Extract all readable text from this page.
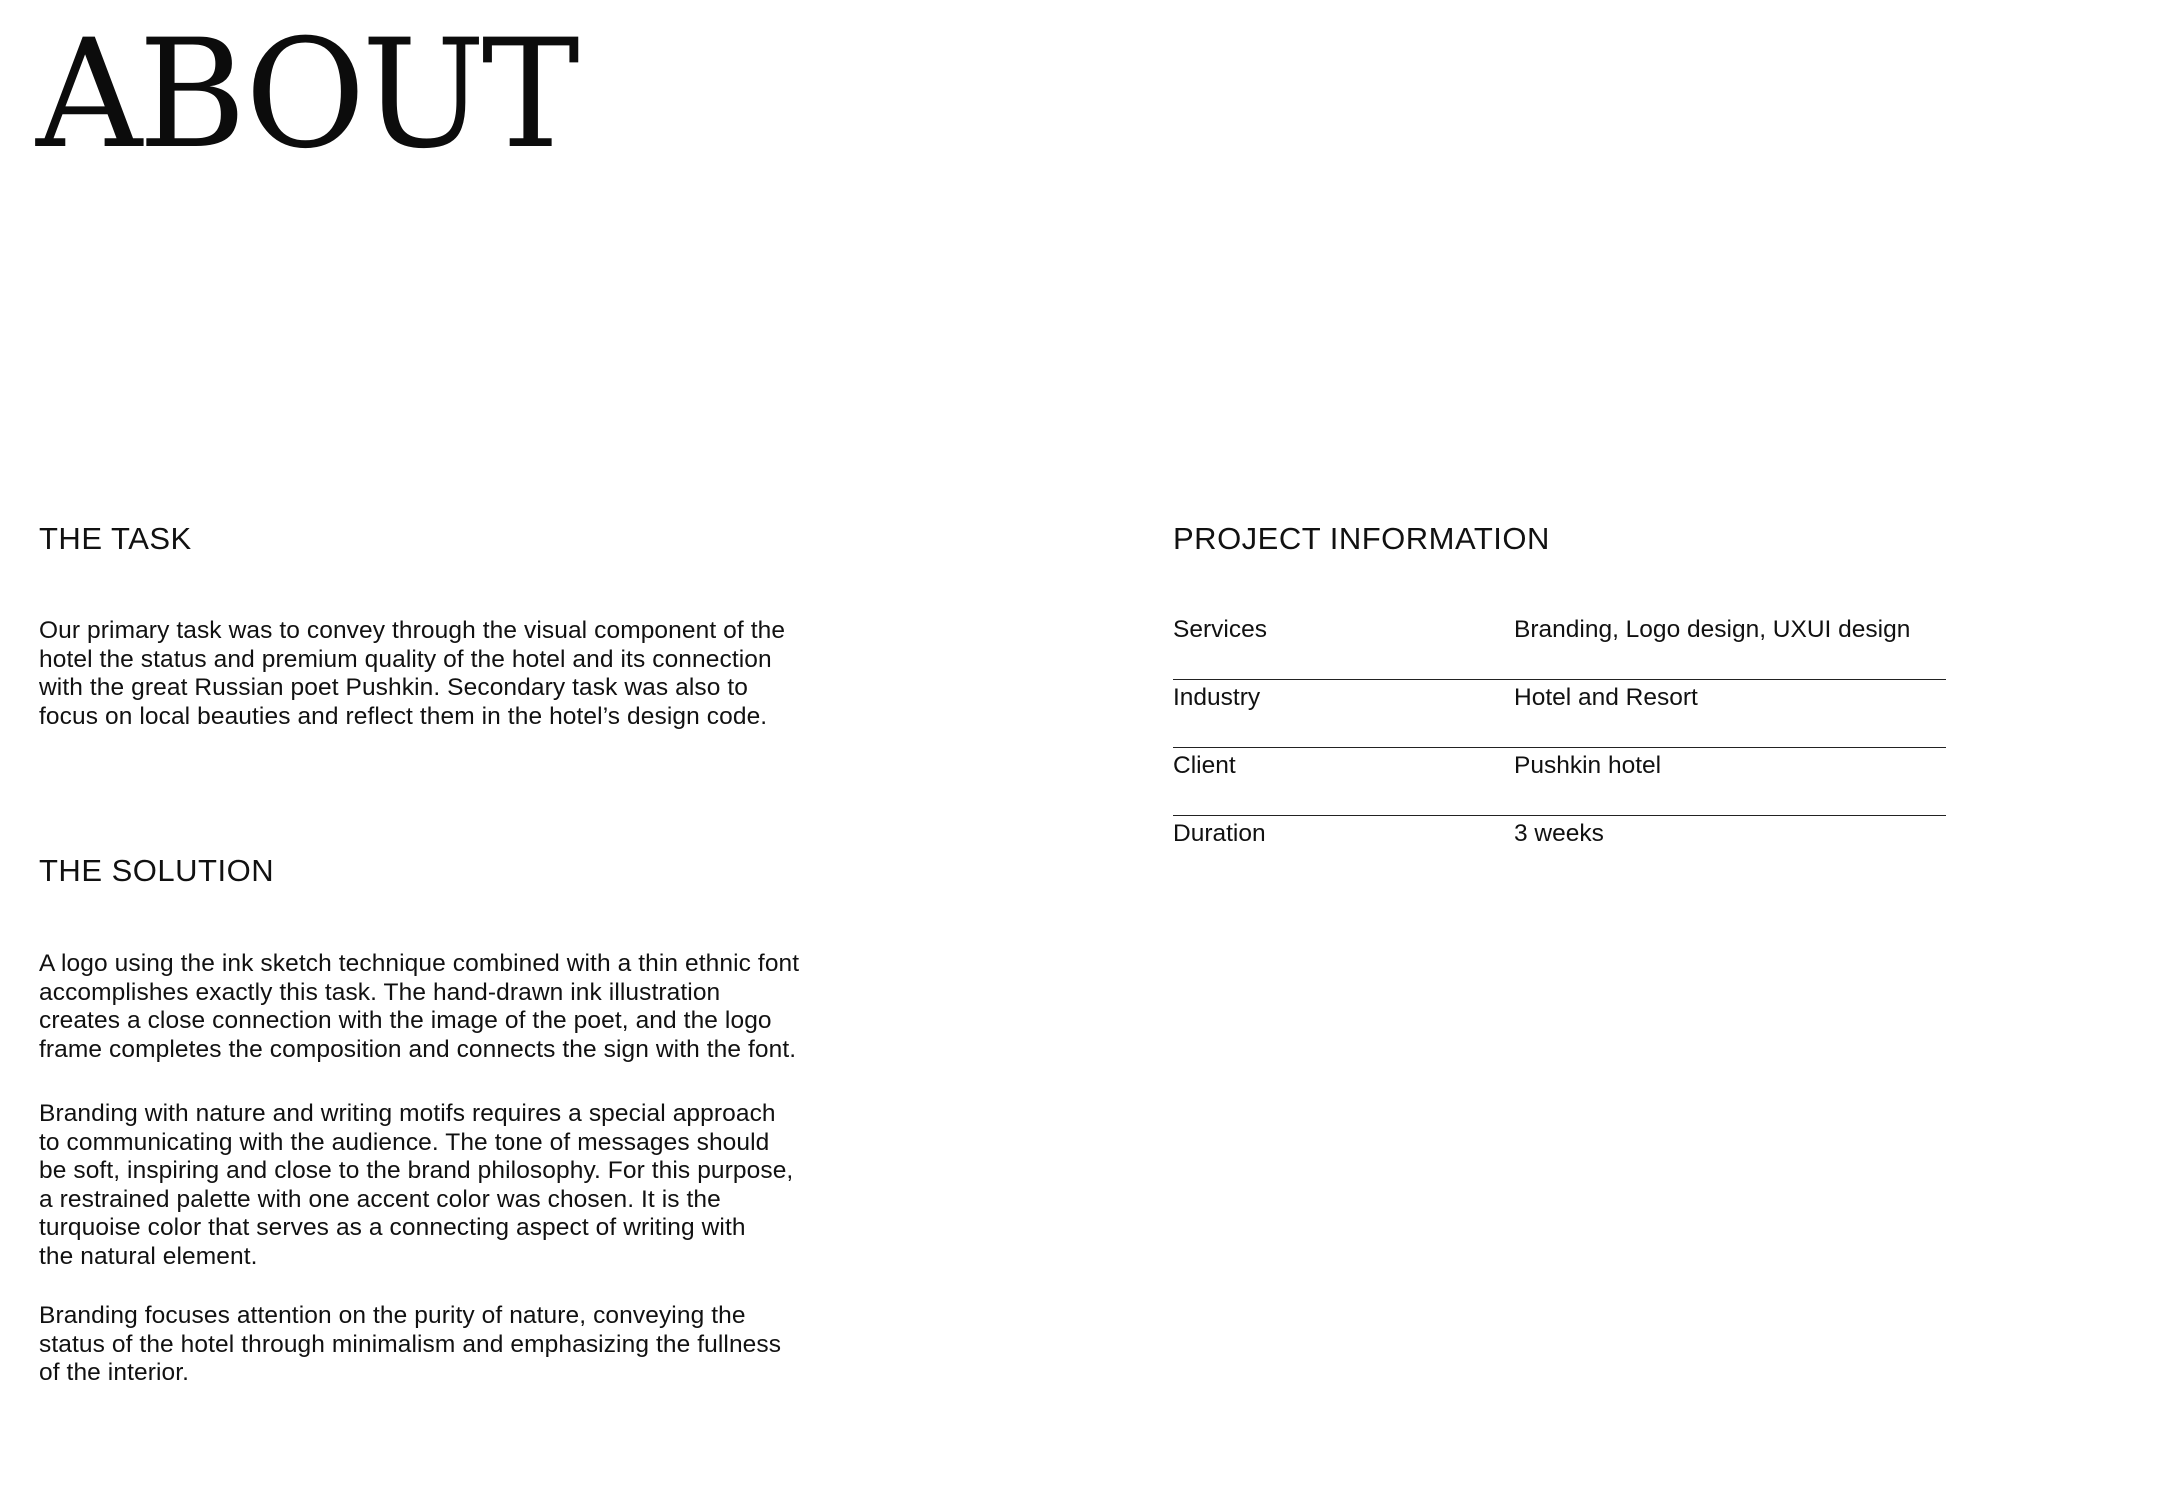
ABOUT
THE TASK

Our primary task was to convey through the visual component of the
hotel the status and premium quality of the hotel and its connection
with the great Russian poet Pushkin. Secondary task was also to
focus on local beauties and reflect them in the hotel’s design code.

THE SOLUTION

A logo using the ink sketch technique combined with a thin ethnic font
accomplishes exactly this task. The hand-drawn ink illustration
creates a close connection with the image of the poet, and the logo
frame completes the composition and connects the sign with the font.

Branding with nature and writing motifs requires a special approach
to communicating with the audience. The tone of messages should
be soft, inspiring and close to the brand philosophy. For this purpose,
a restrained palette with one accent color was chosen. It is the
turquoise color that serves as a connecting aspect of writing with
the natural element.

Branding focuses attention on the purity of nature, conveying the
status of the hotel through minimalism and emphasizing the fullness
of the interior.

PROJECT INFORMATION
Services	Branding, Logo design, UXUI design
Industry	Hotel and Resort
Client	Pushkin hotel
Duration	3 weeks
